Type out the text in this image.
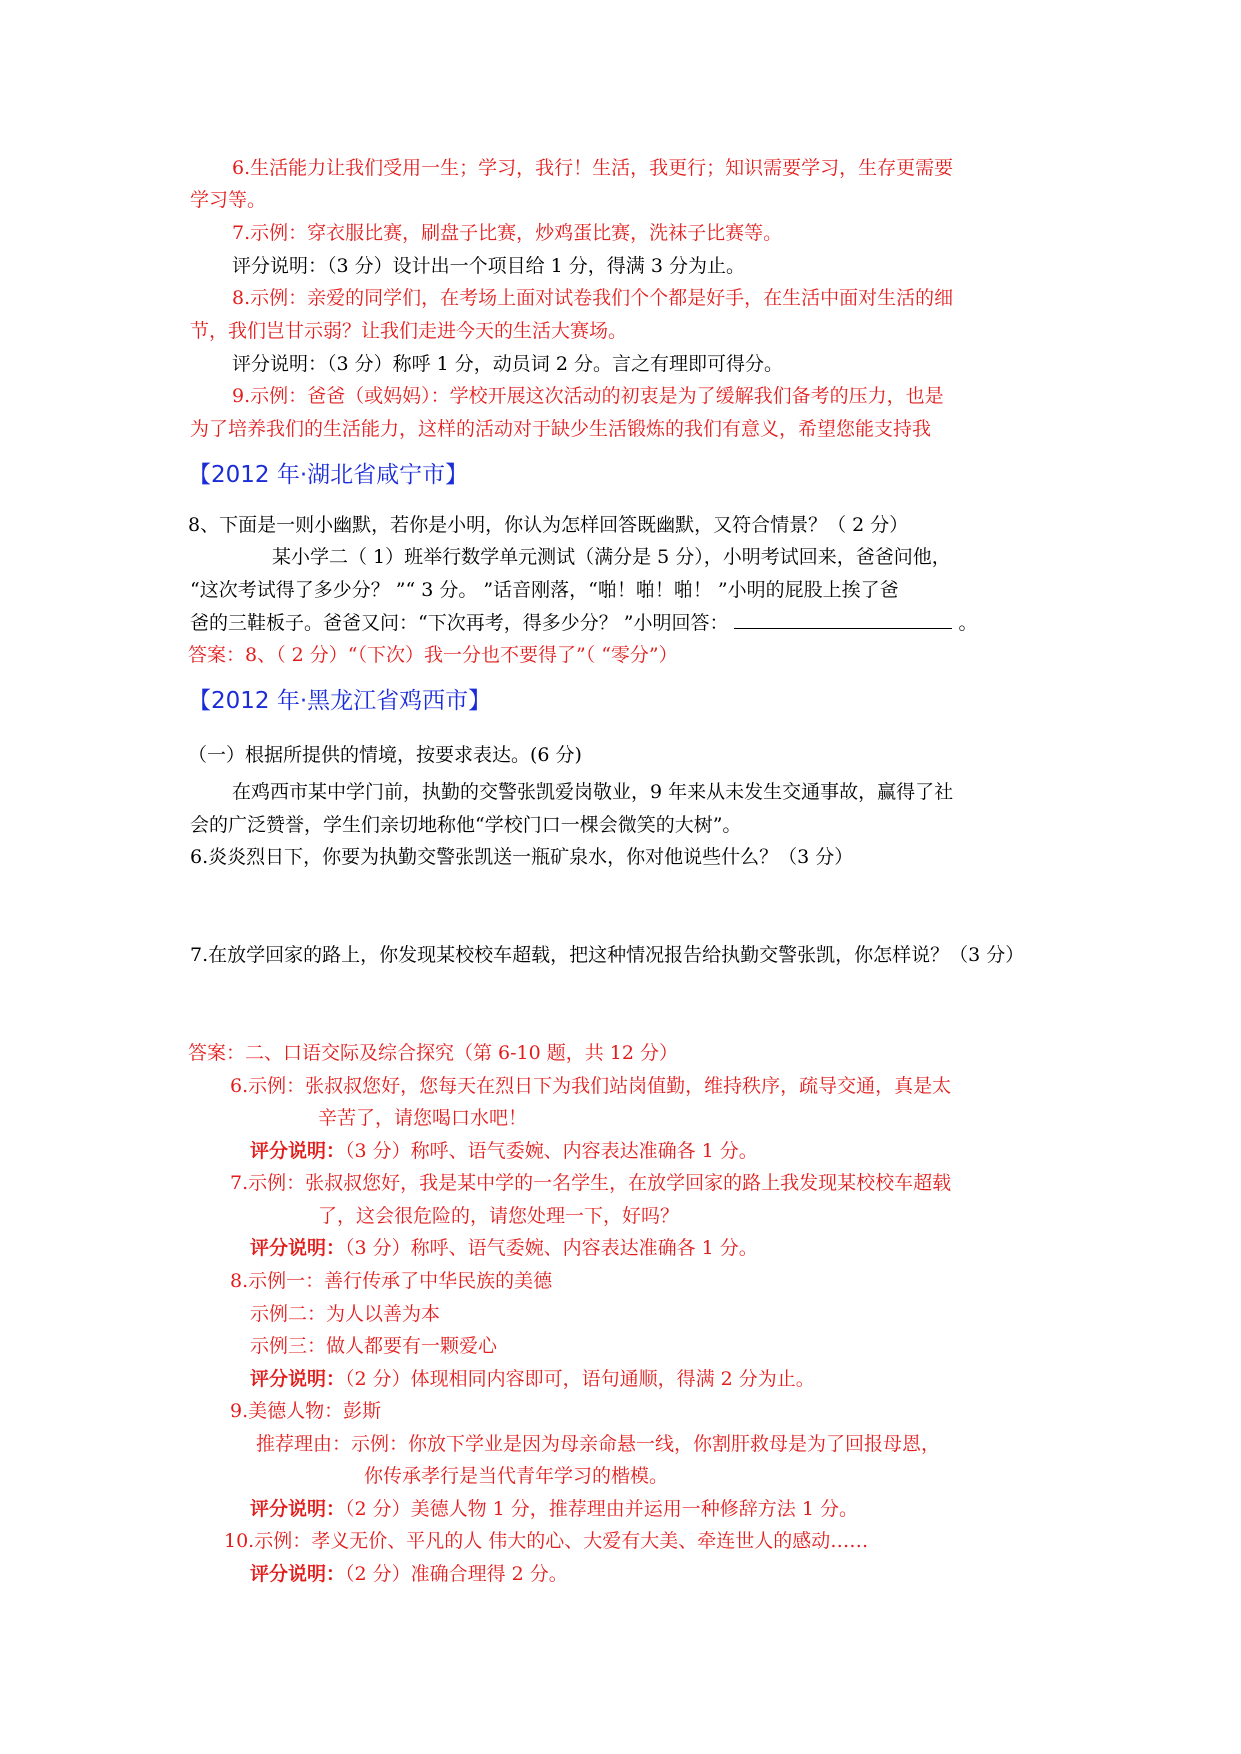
6.生活能力让我们受用一生；学习，我行！生活，我更行；知识需要学习，生存更需要
学习等。
7.示例：穿衣服比赛，刷盘子比赛，炒鸡蛋比赛，洗袜子比赛等。
评分说明：（3 分）设计出一个项目给 1 分，得满 3 分为止。
8.示例：亲爱的同学们，在考场上面对试卷我们个个都是好手，在生活中面对生活的细
节，我们岂甘示弱？让我们走进今天的生活大赛场。
评分说明：（3 分）称呼 1 分，动员词 2 分。言之有理即可得分。
9.示例：爸爸（或妈妈）：学校开展这次活动的初衷是为了缓解我们备考的压力，也是
为了培养我们的生活能力，这样的活动对于缺少生活锻炼的我们有意义，希望您能支持我
【2012 年·湖北省咸宁市】
8、下面是一则小幽默，若你是小明，你认为怎样回答既幽默，又符合情景？（ 2 分）
某小学二（ 1）班举行数学单元测试（满分是 5 分），小明考试回来，爸爸问他，
“这次考试得了多少分？ ”“ 3 分。 ”话音刚落，“啪！啪！啪！ ”小明的屁股上挨了爸
爸的三鞋板子。爸爸又问：“下次再考，得多少分？ ”小明回答：	。
答案：8、（ 2 分）“（下次）我一分也不要得了”（ “零分”）
【2012 年·黑龙江省鸡西市】
（一）根据所提供的情境，按要求表达。(6 分)
在鸡西市某中学门前，执勤的交警张凯爱岗敬业，9 年来从未发生交通事故，赢得了社
会的广泛赞誉，学生们亲切地称他“学校门口一棵会微笑的大树”。
6.炎炎烈日下，你要为执勤交警张凯送一瓶矿泉水，你对他说些什么？（3 分）
7.在放学回家的路上，你发现某校校车超载，把这种情况报告给执勤交警张凯，你怎样说？（3 分）
答案：二、口语交际及综合探究（第 6-10 题，共 12 分）
6.示例：张叔叔您好，您每天在烈日下为我们站岗值勤，维持秩序，疏导交通，真是太
辛苦了，请您喝口水吧！
评分说明：（3 分）称呼、语气委婉、内容表达准确各 1 分。
7.示例：张叔叔您好，我是某中学的一名学生，在放学回家的路上我发现某校校车超载
了，这会很危险的，请您处理一下，好吗？
评分说明：（3 分）称呼、语气委婉、内容表达准确各 1 分。
8.示例一：善行传承了中华民族的美德
示例二：为人以善为本
示例三：做人都要有一颗爱心
评分说明：（2 分）体现相同内容即可，语句通顺，得满 2 分为止。
9.美德人物：彭斯
推荐理由：示例：你放下学业是因为母亲命悬一线，你割肝救母是为了回报母恩，
你传承孝行是当代青年学习的楷模。
评分说明：（2 分）美德人物 1 分，推荐理由并运用一种修辞方法 1 分。
10.示例：孝义无价、平凡的人 伟大的心、大爱有大美、牵连世人的感动……
评分说明：（2 分）准确合理得 2 分。
